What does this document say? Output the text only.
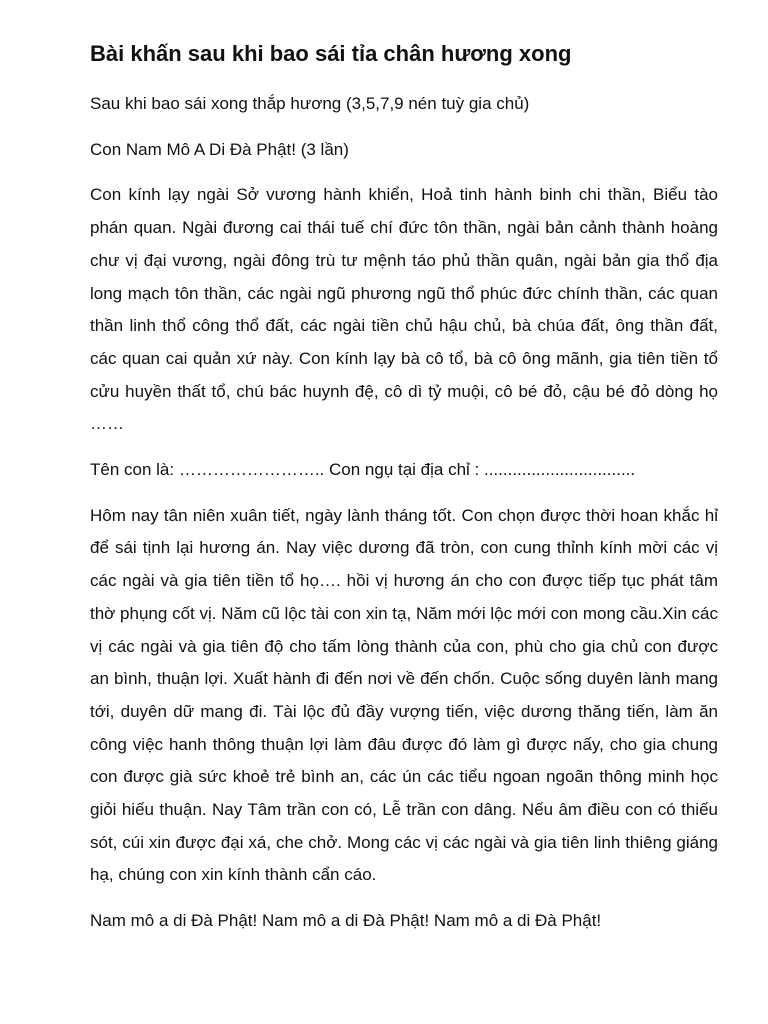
Bài khấn sau khi bao sái tỉa chân hương xong

Sau khi bao sái xong thắp hương (3,5,7,9 nén tuỳ gia chủ)

Con Nam Mô A Di Đà Phật! (3 lần)

Con kính lạy ngài Sở vương hành khiển, Hoả tinh hành binh chi thần, Biểu tào phán quan. Ngài đương cai thái tuế chí đức tôn thần, ngài bản cảnh thành hoàng chư vị đại vương, ngài đông trù tư mệnh táo phủ thần quân, ngài bản gia thổ địa long mạch tôn thần, các ngài ngũ phương ngũ thổ phúc đức chính thần, các quan thần linh thổ công thổ đất, các ngài tiền chủ hậu chủ, bà chúa đất, ông thần đất, các quan cai quản xứ này. Con kính lạy bà cô tổ, bà cô ông mãnh, gia tiên tiền tổ cửu huyền thất tổ, chú bác huynh đệ, cô dì tỷ muội, cô bé đỏ, cậu bé đỏ dòng họ ……

Tên con là: …………………….. Con ngụ tại địa chỉ : ................................

Hôm nay tân niên xuân tiết, ngày lành tháng tốt. Con chọn được thời hoan khắc hỉ để sái tịnh lại hương án. Nay việc dương đã tròn, con cung thỉnh kính mời các vị các ngài và gia tiên tiền tổ họ…. hồi vị hương án cho con được tiếp tục phát tâm thờ phụng cốt vị. Năm cũ lộc tài con xin tạ, Năm mới lộc mới con mong cầu.Xin các vị các ngài và gia tiên độ cho tấm lòng thành của con, phù cho gia chủ con được an bình, thuận lợi. Xuất hành đi đến nơi về đến chốn. Cuộc sống duyên lành mang tới, duyên dữ mang đi. Tài lộc đủ đầy vượng tiến, việc dương thăng tiến, làm ăn công việc hanh thông thuận lợi làm đâu được đó làm gì được nấy, cho gia chung con được già sức khoẻ trẻ bình an, các ún các tiểu ngoan ngoãn thông minh học giỏi hiếu thuận. Nay Tâm trần con có, Lễ trần con dâng. Nếu âm điều con có thiếu sót, cúi xin được đại xá, che chở. Mong các vị các ngài và gia tiên linh thiêng giáng hạ, chúng con xin kính thành cẩn cáo.

Nam mô a di Đà Phật! Nam mô a di Đà Phật! Nam mô a di Đà Phật!
